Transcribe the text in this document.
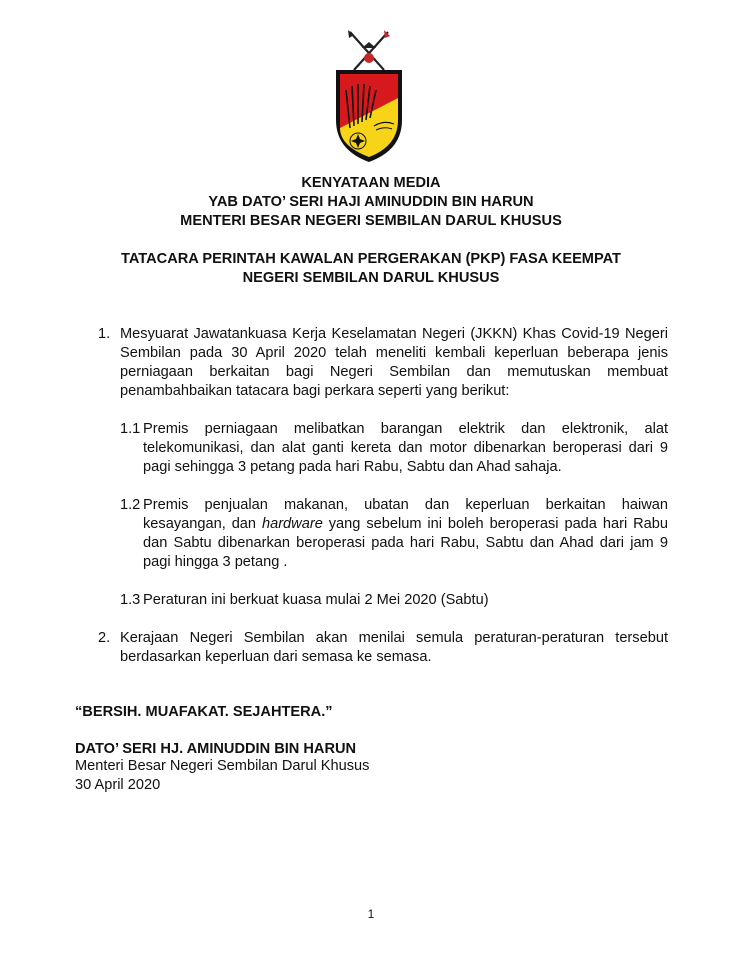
KENYATAAN MEDIA
YAB DATO’ SERI HAJI AMINUDDIN BIN HARUN
MENTERI BESAR NEGERI SEMBILAN DARUL KHUSUS
TATACARA PERINTAH KAWALAN PERGERAKAN (PKP) FASA KEEMPAT
NEGERI SEMBILAN DARUL KHUSUS
1. Mesyuarat Jawatankuasa Kerja Keselamatan Negeri (JKKN) Khas Covid-19 Negeri Sembilan pada 30 April 2020 telah meneliti kembali keperluan beberapa jenis perniagaan berkaitan bagi Negeri Sembilan dan memutuskan membuat penambahbaikan tatacara bagi perkara seperti yang berikut:
1.1 Premis perniagaan melibatkan barangan elektrik dan elektronik, alat telekomunikasi, dan alat ganti kereta dan motor dibenarkan beroperasi dari 9 pagi sehingga 3 petang pada hari Rabu, Sabtu dan Ahad sahaja.
1.2 Premis penjualan makanan, ubatan dan keperluan berkaitan haiwan kesayangan, dan hardware yang sebelum ini boleh beroperasi pada hari Rabu dan Sabtu dibenarkan beroperasi pada hari Rabu, Sabtu dan Ahad dari jam 9 pagi hingga 3 petang .
1.3 Peraturan ini berkuat kuasa mulai 2 Mei 2020 (Sabtu)
2. Kerajaan Negeri Sembilan akan menilai semula peraturan-peraturan tersebut berdasarkan keperluan dari semasa ke semasa.
“BERSIH. MUAFAKAT. SEJAHTERA.”
DATO’ SERI HJ. AMINUDDIN BIN HARUN
Menteri Besar Negeri Sembilan Darul Khusus
30 April 2020
1
